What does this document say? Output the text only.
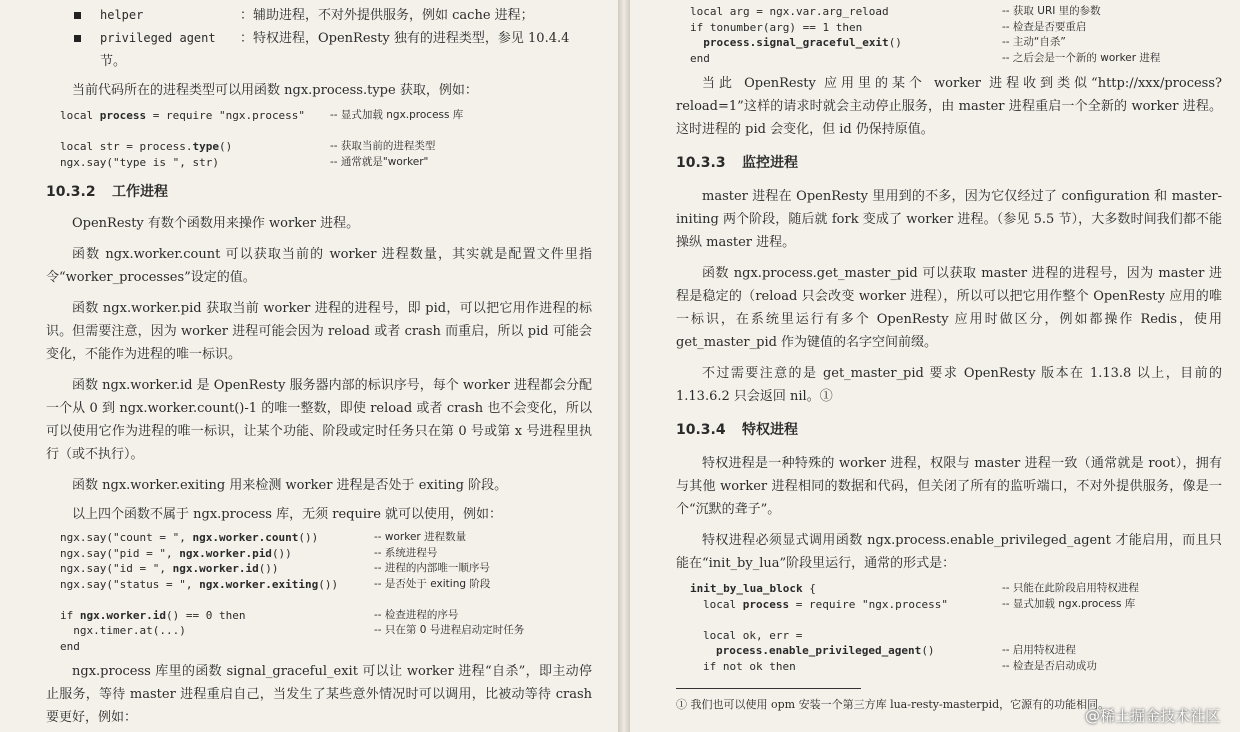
helper	：辅助进程，不对外提供服务，例如 cache 进程；

privileged agent ：特权进程，OpenResty 独有的进程类型，参见 10.4.4 节。

当前代码所在的进程类型可以用函数 ngx.process.type 获取，例如：

local process = require "ngx.process" -- 显式加载 ngx.process 库
local str = process.type()	-- 获取当前的进程类型
ngx.say("type is ", str)	-- 通常就是"worker"
10.3.2 工作进程

OpenResty 有数个函数用来操作 worker 进程。

函数 ngx.worker.count 可以获取当前的 worker 进程数量，其实就是配置文件里指令“worker_processes”设定的值。

函数 ngx.worker.pid 获取当前 worker 进程的进程号，即 pid，可以把它用作进程的标识。但需要注意，因为 worker 进程可能会因为 reload 或者 crash 而重启，所以 pid 可能会变化，不能作为进程的唯一标识。

函数 ngx.worker.id 是 OpenResty 服务器内部的标识序号，每个 worker 进程都会分配一个从 0 到 ngx.worker.count()-1 的唯一整数，即使 reload 或者 crash 也不会变化，所以可以使用它作为进程的唯一标识，让某个功能、阶段或定时任务只在第 0 号或第 x 号进程里执行（或不执行）。

函数 ngx.worker.exiting 用来检测 worker 进程是否处于 exiting 阶段。

以上四个函数不属于 ngx.process 库，无须 require 就可以使用，例如：

ngx.say("count = ", ngx.worker.count())	-- worker 进程数量
ngx.say("pid = ", ngx.worker.pid())	-- 系统进程号
ngx.say("id = ", ngx.worker.id())	-- 进程的内部唯一顺序号
ngx.say("status = ", ngx.worker.exiting())	-- 是否处于 exiting 阶段
if ngx.worker.id() == 0 then	-- 检查进程的序号
ngx.timer.at(...)	-- 只在第 0 号进程启动定时任务
end

ngx.process 库里的函数 signal_graceful_exit 可以让 worker 进程“自杀”，即主动停止服务，等待 master 进程重启自己，当发生了某些意外情况时可以调用，比被动等待 crash 要更好，例如：

local arg = ngx.var.arg_reload	-- 获取 URI 里的参数
if tonumber(arg) == 1 then	-- 检查是否要重启
process.signal_graceful_exit()	-- 主动“自杀”
end	-- 之后会是一个新的 worker 进程

当此 OpenResty 应用里的某个 worker 进程收到类似“http://xxx/process?reload=1”这样的请求时就会主动停止服务，由 master 进程重启一个全新的 worker 进程。这时进程的 pid 会变化，但 id 仍保持原值。

10.3.3 监控进程

master 进程在 OpenResty 里用到的不多，因为它仅经过了 configuration 和 master-initing 两个阶段，随后就 fork 变成了 worker 进程。（参见 5.5 节），大多数时间我们都不能操纵 master 进程。

函数 ngx.process.get_master_pid 可以获取 master 进程的进程号，因为 master 进程是稳定的（reload 只会改变 worker 进程），所以可以把它用作整个 OpenResty 应用的唯一标识，在系统里运行有多个 OpenResty 应用时做区分，例如都操作 Redis，使用 get_master_pid 作为键值的名字空间前缀。

不过需要注意的是 get_master_pid 要求 OpenResty 版本在 1.13.8 以上，目前的 1.13.6.2 只会返回 nil。①

10.3.4 特权进程

特权进程是一种特殊的 worker 进程，权限与 master 进程一致（通常就是 root），拥有与其他 worker 进程相同的数据和代码，但关闭了所有的监听端口，不对外提供服务，像是一个“沉默的聋子”。

特权进程必须显式调用函数 ngx.process.enable_privileged_agent 才能启用，而且只能在“init_by_lua”阶段里运行，通常的形式是：

init_by_lua_block {	-- 只能在此阶段启用特权进程
local process = require "ngx.process"	-- 显式加载 ngx.process 库
local ok, err =
process.enable_privileged_agent()	-- 启用特权进程
if not ok then	-- 检查是否启动成功

① 我们也可以使用 opm 安装一个第三方库 lua-resty-masterpid，它源有的功能相同。

@稀土掘金技术社区
